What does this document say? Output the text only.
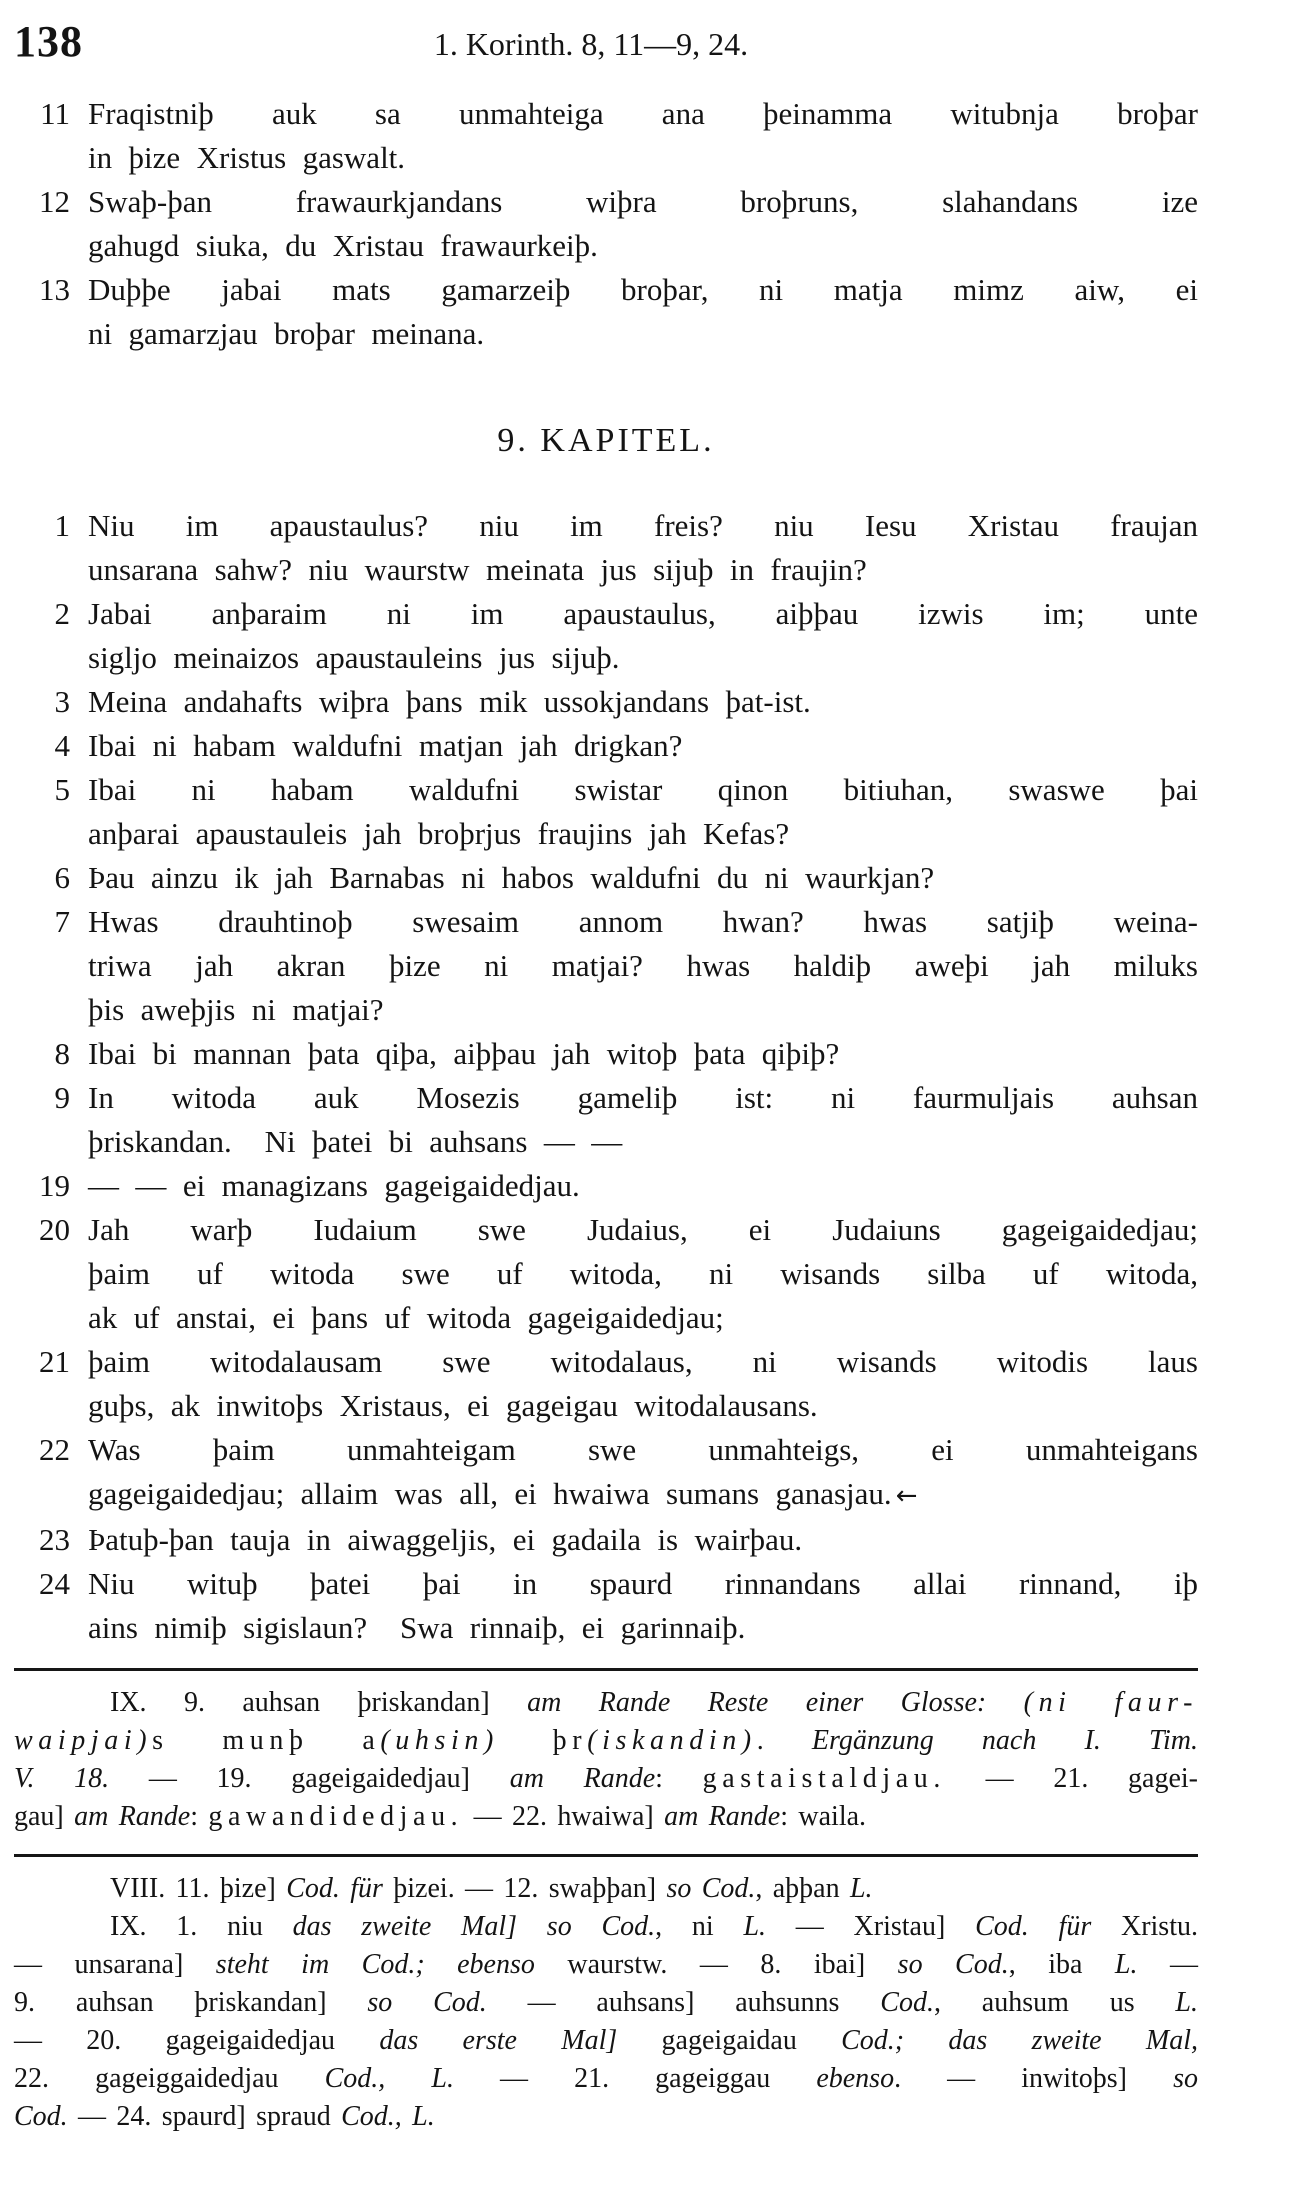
138	1. Korinth. 8, 11—9, 24.
11 Fraqistniþ auk sa unmahteiga ana þeinamma witubnja broþar
in þize Xristus gaswalt.
12 Swaþ-þan frawaurkjandans wiþra broþruns, slahandans ize
gahugd siuka, du Xristau frawaurkeiþ.
13 Duþþe jabai mats gamarzeiþ broþar, ni matja mimz aiw, ei
ni gamarzjau broþar meinana.
9. KAPITEL.
1 Niu im apaustaulus? niu im freis? niu Iesu Xristau fraujan
unsarana sahw? niu waurstw meinata jus sijuþ in fraujin?
2 Jabai anþaraim ni im apaustaulus, aiþþau izwis im; unte
sigljo meinaizos apaustauleins jus sijuþ.
3 Meina andahafts wiþra þans mik ussokjandans þat-ist.
4 Ibai ni habam waldufni matjan jah drigkan?
5 Ibai ni habam waldufni swistar qinon bitiuhan, swaswe þai
anþarai apaustauleis jah broþrjus fraujins jah Kefas?
6 Þau ainzu ik jah Barnabas ni habos waldufni du ni waurkjan?
7 Hwas drauhtinoþ swesaim annom hwan? hwas satjiþ weina-
triwa jah akran þize ni matjai? hwas haldiþ aweþi jah miluks
þis aweþjis ni matjai?
8 Ibai bi mannan þata qiþa, aiþþau jah witoþ þata qiþiþ?
9 In witoda auk Mosezis gameliþ ist: ni faurmuljais auhsan
þriskandan.  Ni þatei bi auhsans — —
19 — — ei managizans gageigaidedjau.
20 Jah warþ Iudaium swe Judaius, ei Judaiuns gageigaidedjau;
þaim uf witoda swe uf witoda, ni wisands silba uf witoda,
ak uf anstai, ei þans uf witoda gageigaidedjau;
21 þaim witodalausam swe witodalaus, ni wisands witodis laus
guþs, ak inwitoþs Xristaus, ei gageigau witodalausans.
22 Was þaim unmahteigam swe unmahteigs, ei unmahteigans
gageigaidedjau; allaim was all, ei hwaiwa sumans ganasjau. ←
23 Þatuþ-þan tauja in aiwaggeljis, ei gadaila is wairþau.
24 Niu wituþ þatei þai in spaurd rinnandans allai rinnand, iþ
ains nimiþ sigislaun?  Swa rinnaiþ, ei garinnaiþ.
IX. 9. auhsan þriskandan] am Rande Reste einer Glosse: (ni faur-
waipjai)s munþ a(uhsin) þr(iskandin). Ergänzung nach I. Tim.
V. 18. — 19. gageigaidedjau] am Rande: gastaistaldjau. — 21. gagei-
gau] am Rande: gawandidedjau. — 22. hwaiwa] am Rande: waila.
VIII. 11. þize] Cod. für þizei. — 12. swaþþan] so Cod., aþþan L.
IX. 1. niu das zweite Mal] so Cod., ni L. — Xristau] Cod. für Xristu.
— unsarana] steht im Cod.; ebenso waurstw. — 8. ibai] so Cod., iba L. —
9. auhsan þriskandan] so Cod. — auhsans] auhsunns Cod., auhsum us L.
— 20. gageigaidedjau das erste Mal] gageigaidau Cod.; das zweite Mal,
22. gageiggaidedjau Cod., L. — 21. gageiggau ebenso. — inwitoþs] so
Cod. — 24. spaurd] spraud Cod., L.
